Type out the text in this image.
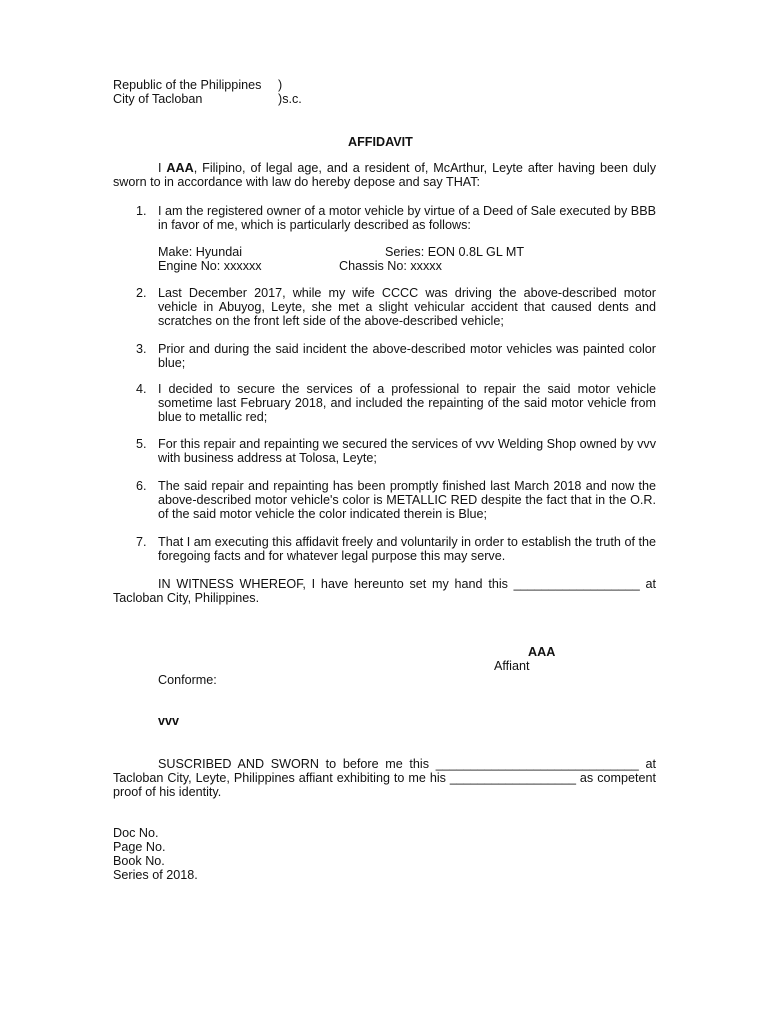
Republic of the Philippines )
City of Tacloban	)s.c.
AFFIDAVIT
I AAA, Filipino, of legal age, and a resident of, McArthur, Leyte after having been duly sworn to in accordance with law do hereby depose and say THAT:
1. I am the registered owner of a motor vehicle by virtue of a Deed of Sale executed by BBB in favor of me, which is particularly described as follows:
Make: Hyundai	Series: EON 0.8L GL MT
Engine No: xxxxxx	Chassis No: xxxxx
2. Last December 2017, while my wife CCCC was driving the above-described motor vehicle in Abuyog, Leyte, she met a slight vehicular accident that caused dents and scratches on the front left side of the above-described vehicle;
3. Prior and during the said incident the above-described motor vehicles was painted color blue;
4. I decided to secure the services of a professional to repair the said motor vehicle sometime last February 2018, and included the repainting of the said motor vehicle from blue to metallic red;
5. For this repair and repainting we secured the services of vvv Welding Shop owned by vvv with business address at Tolosa, Leyte;
6. The said repair and repainting has been promptly finished last March 2018 and now the above-described motor vehicle's color is METALLIC RED despite the fact that in the O.R. of the said motor vehicle the color indicated therein is Blue;
7. That I am executing this affidavit freely and voluntarily in order to establish the truth of the foregoing facts and for whatever legal purpose this may serve.
IN WITNESS WHEREOF, I have hereunto set my hand this __________________ at Tacloban City, Philippines.
AAA
Affiant
Conforme:
vvv
SUSCRIBED AND SWORN to before me this _____________________________ at Tacloban City, Leyte, Philippines affiant exhibiting to me his __________________ as competent proof of his identity.
Doc No.
Page No.
Book No.
Series of 2018.
